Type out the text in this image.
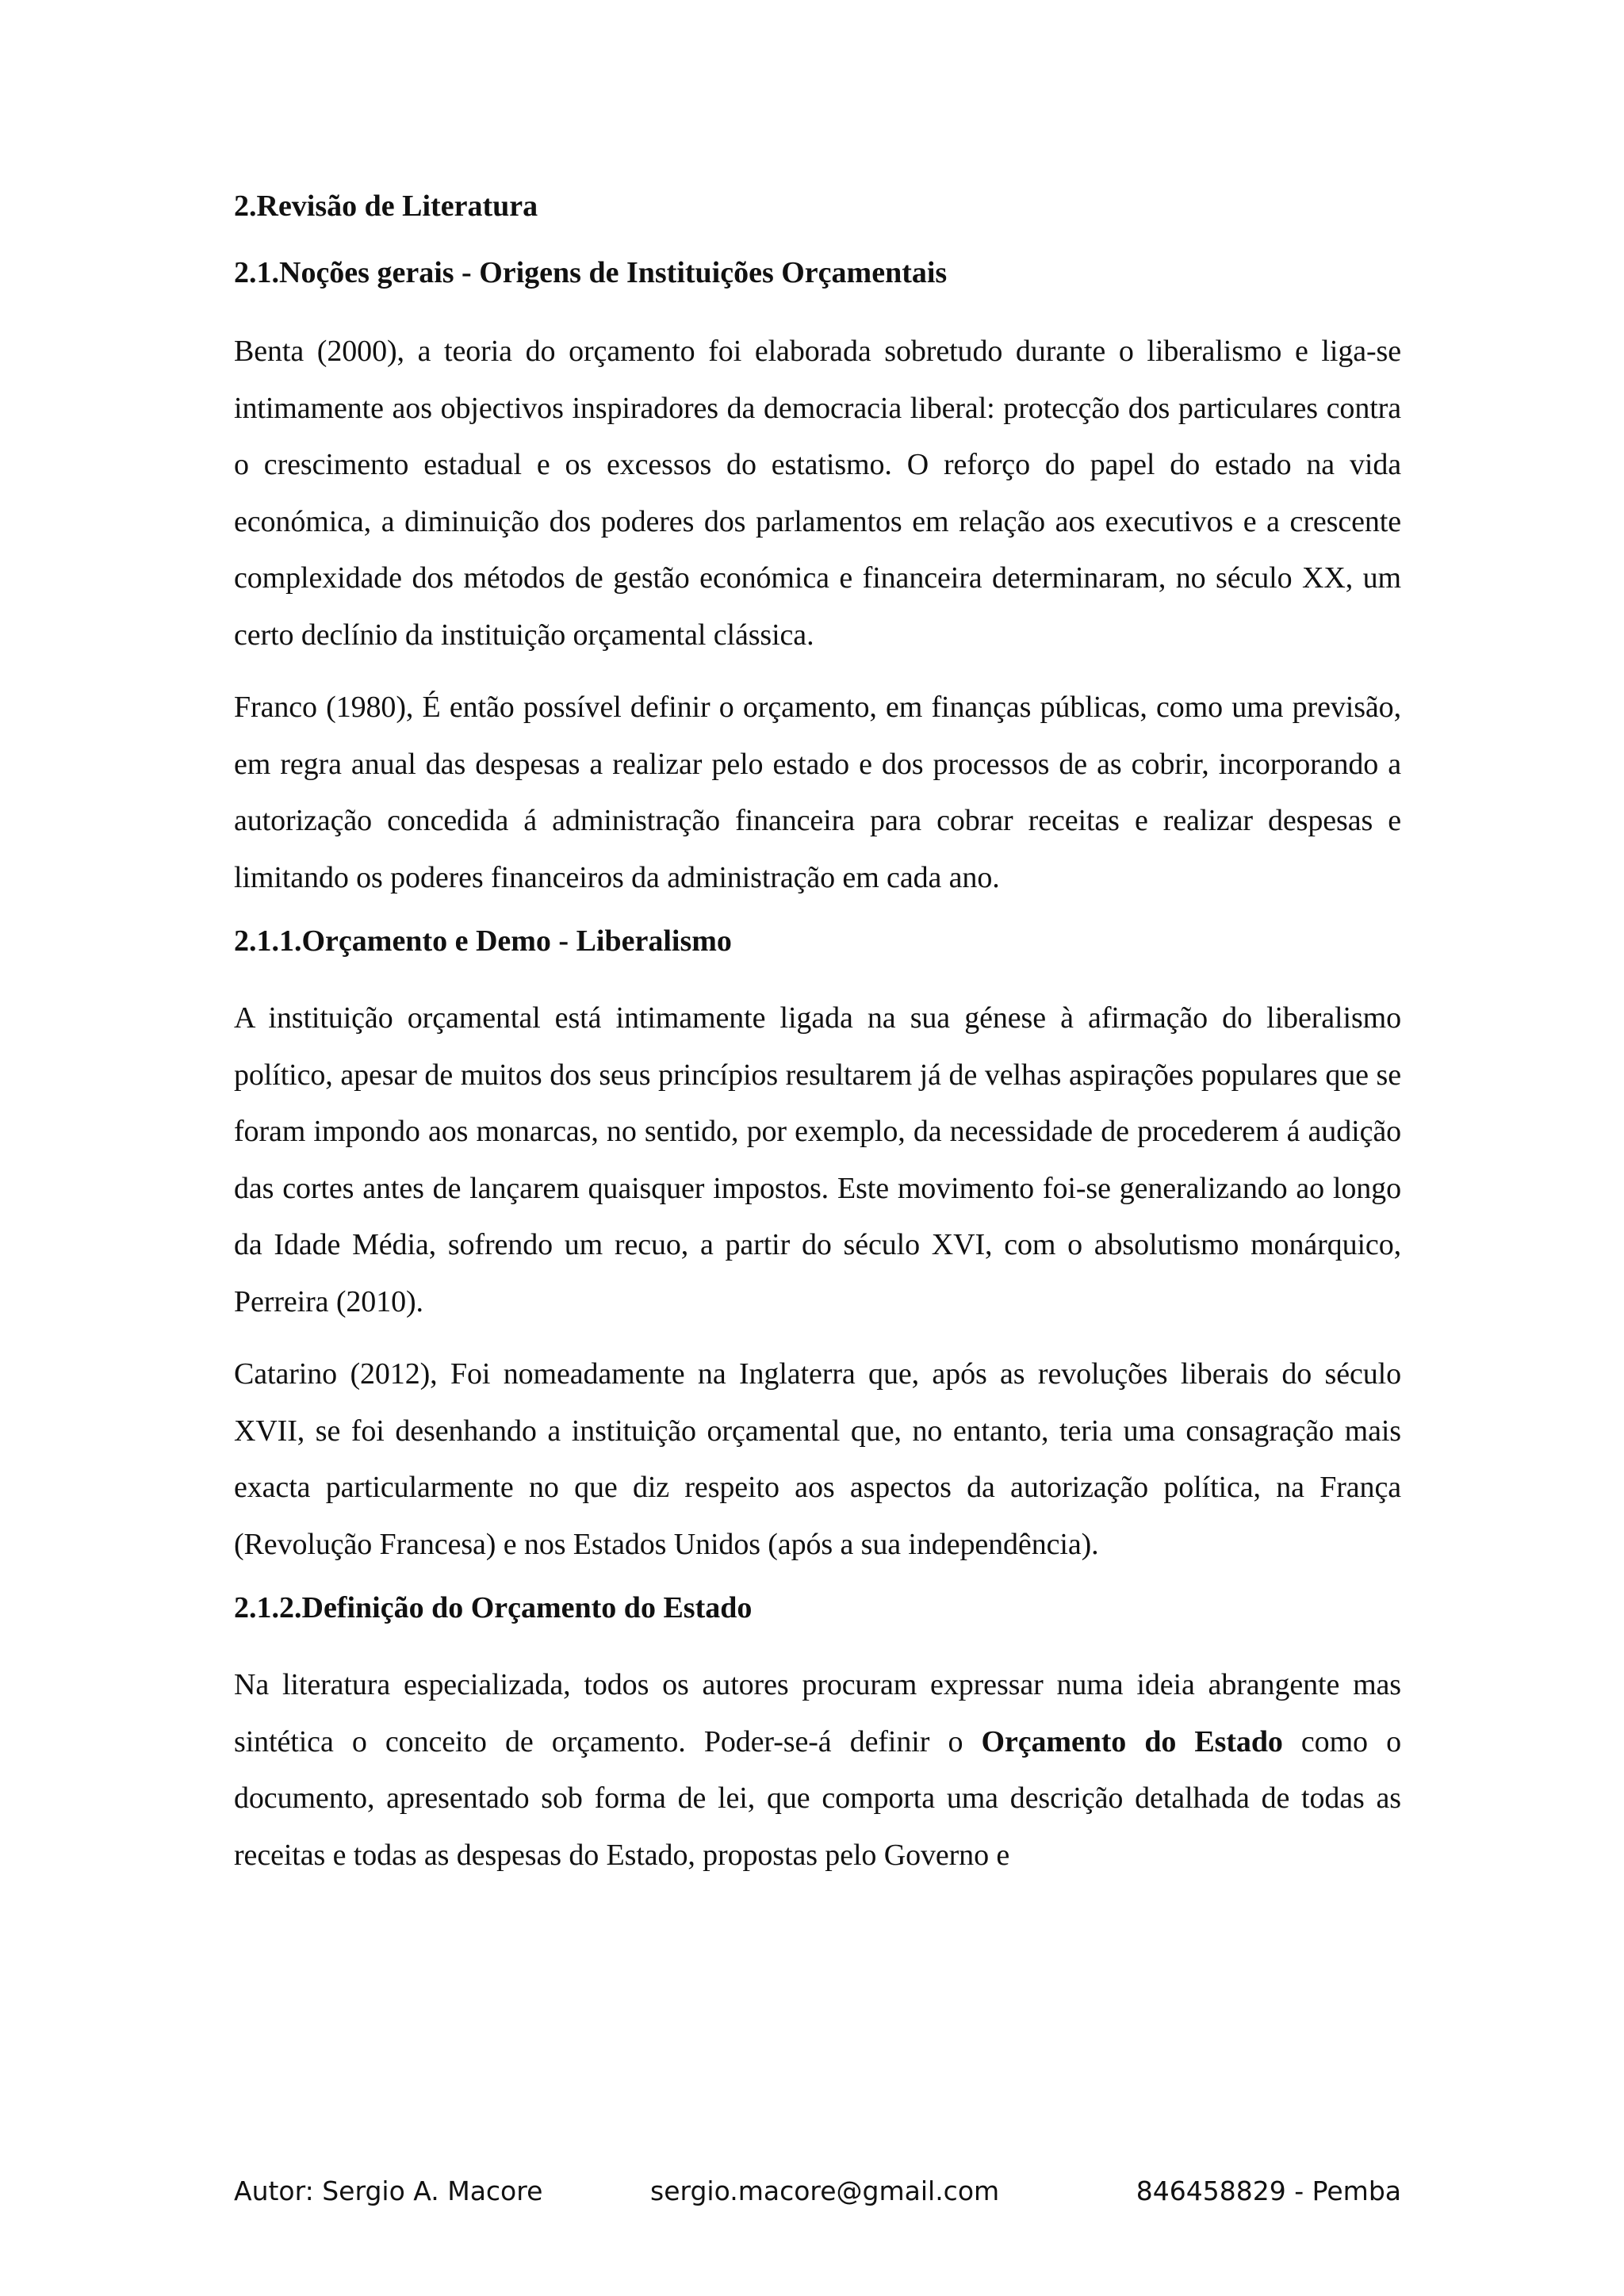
2.Revisão de Literatura
2.1.Noções gerais - Origens de Instituições Orçamentais

Benta (2000), a teoria do orçamento foi elaborada sobretudo durante o liberalismo e liga-se intimamente aos objectivos inspiradores da democracia liberal: protecção dos particulares contra o crescimento estadual e os excessos do estatismo. O reforço do papel do estado na vida económica, a diminuição dos poderes dos parlamentos em relação aos executivos e a crescente complexidade dos métodos de gestão económica e financeira determinaram, no século XX, um certo declínio da instituição orçamental clássica.

Franco (1980), É então possível definir o orçamento, em finanças públicas, como uma previsão, em regra anual das despesas a realizar pelo estado e dos processos de as cobrir, incorporando a autorização concedida á administração financeira para cobrar receitas e realizar despesas e limitando os poderes financeiros da administração em cada ano.

2.1.1.Orçamento e Demo - Liberalismo

A instituição orçamental está intimamente ligada na sua génese à afirmação do liberalismo político, apesar de muitos dos seus princípios resultarem já de velhas aspirações populares que se foram impondo aos monarcas, no sentido, por exemplo, da necessidade de procederem á audição das cortes antes de lançarem quaisquer impostos. Este movimento foi-se generalizando ao longo da Idade Média, sofrendo um recuo, a partir do século XVI, com o absolutismo monárquico, Perreira (2010).

Catarino (2012), Foi nomeadamente na Inglaterra que, após as revoluções liberais do século XVII, se foi desenhando a instituição orçamental que, no entanto, teria uma consagração mais exacta particularmente no que diz respeito aos aspectos da autorização política, na França (Revolução Francesa) e nos Estados Unidos (após a sua independência).

2.1.2.Definição do Orçamento do Estado

Na literatura especializada, todos os autores procuram expressar numa ideia abrangente mas sintética o conceito de orçamento. Poder-se-á definir o Orçamento do Estado como o documento, apresentado sob forma de lei, que comporta uma descrição detalhada de todas as receitas e todas as despesas do Estado, propostas pelo Governo e

Autor: Sergio A. Macore	sergio.macore@gmail.com	846458829 - Pemba
